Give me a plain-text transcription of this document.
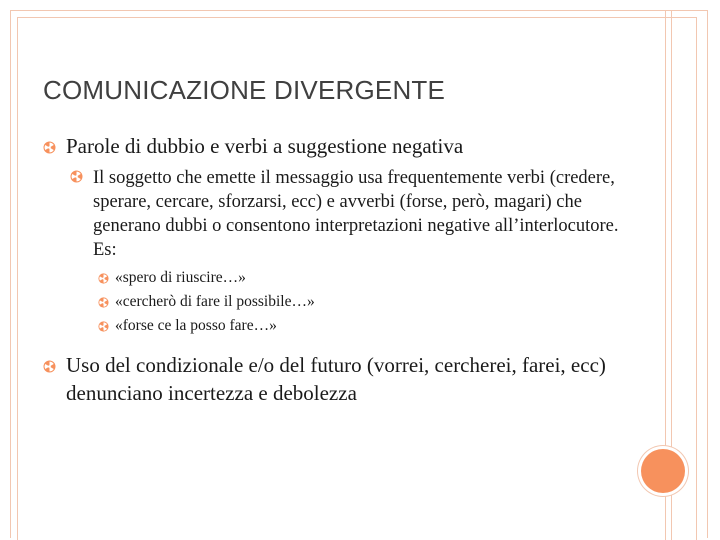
COMUNICAZIONE DIVERGENTE
Parole di dubbio e verbi a suggestione negativa
Il soggetto che emette il messaggio usa frequentemente verbi (credere, sperare, cercare, sforzarsi, ecc) e avverbi (forse, però, magari) che generano dubbi o consentono interpretazioni negative all’interlocutore. Es:
«spero di riuscire…»
«cercherò di fare il possibile…»
«forse ce la posso fare…»
Uso del condizionale e/o del futuro (vorrei, cercherei, farei, ecc) denunciano incertezza e debolezza
